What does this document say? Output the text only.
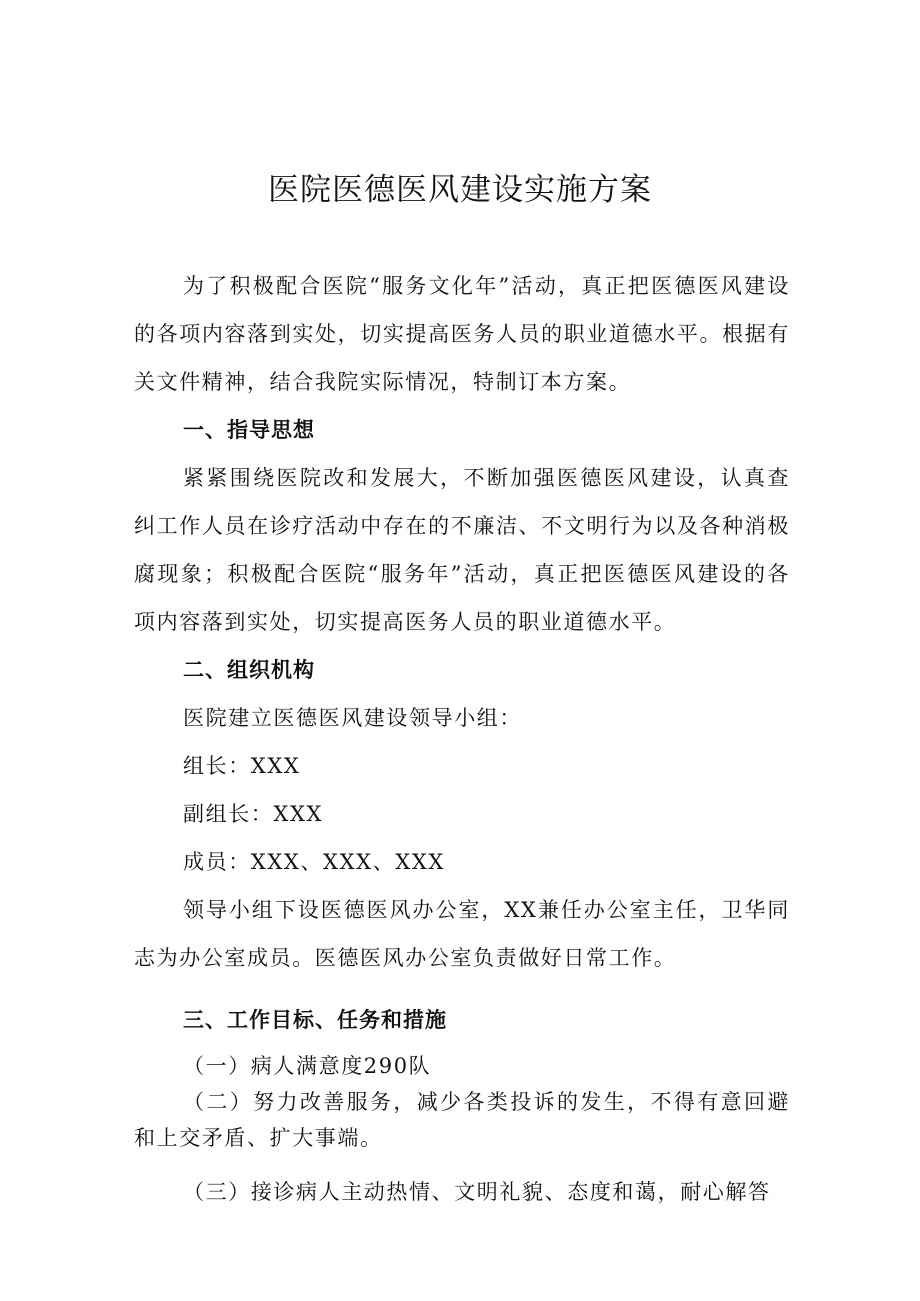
医院医德医风建设实施方案

为了积极配合医院“服务文化年”活动，真正把医德医风建设的各项内容落到实处，切实提高医务人员的职业道德水平。根据有关文件精神，结合我院实际情况，特制订本方案。

一、指导思想

紧紧围绕医院改和发展大，不断加强医德医风建设，认真查纠工作人员在诊疗活动中存在的不廉洁、不文明行为以及各种消极腐现象；积极配合医院“服务年”活动，真正把医德医风建设的各项内容落到实处，切实提高医务人员的职业道德水平。

二、组织机构

医院建立医德医风建设领导小组：

组长：XXX

副组长：XXX

成员：XXX、XXX、XXX

领导小组下设医德医风办公室，XX兼任办公室主任，卫华同志为办公室成员。医德医风办公室负责做好日常工作。

三、工作目标、任务和措施

（一）病人满意度290队

（二）努力改善服务，减少各类投诉的发生，不得有意回避和上交矛盾、扩大事端。

（三）接诊病人主动热情、文明礼貌、态度和蔼，耐心解答
